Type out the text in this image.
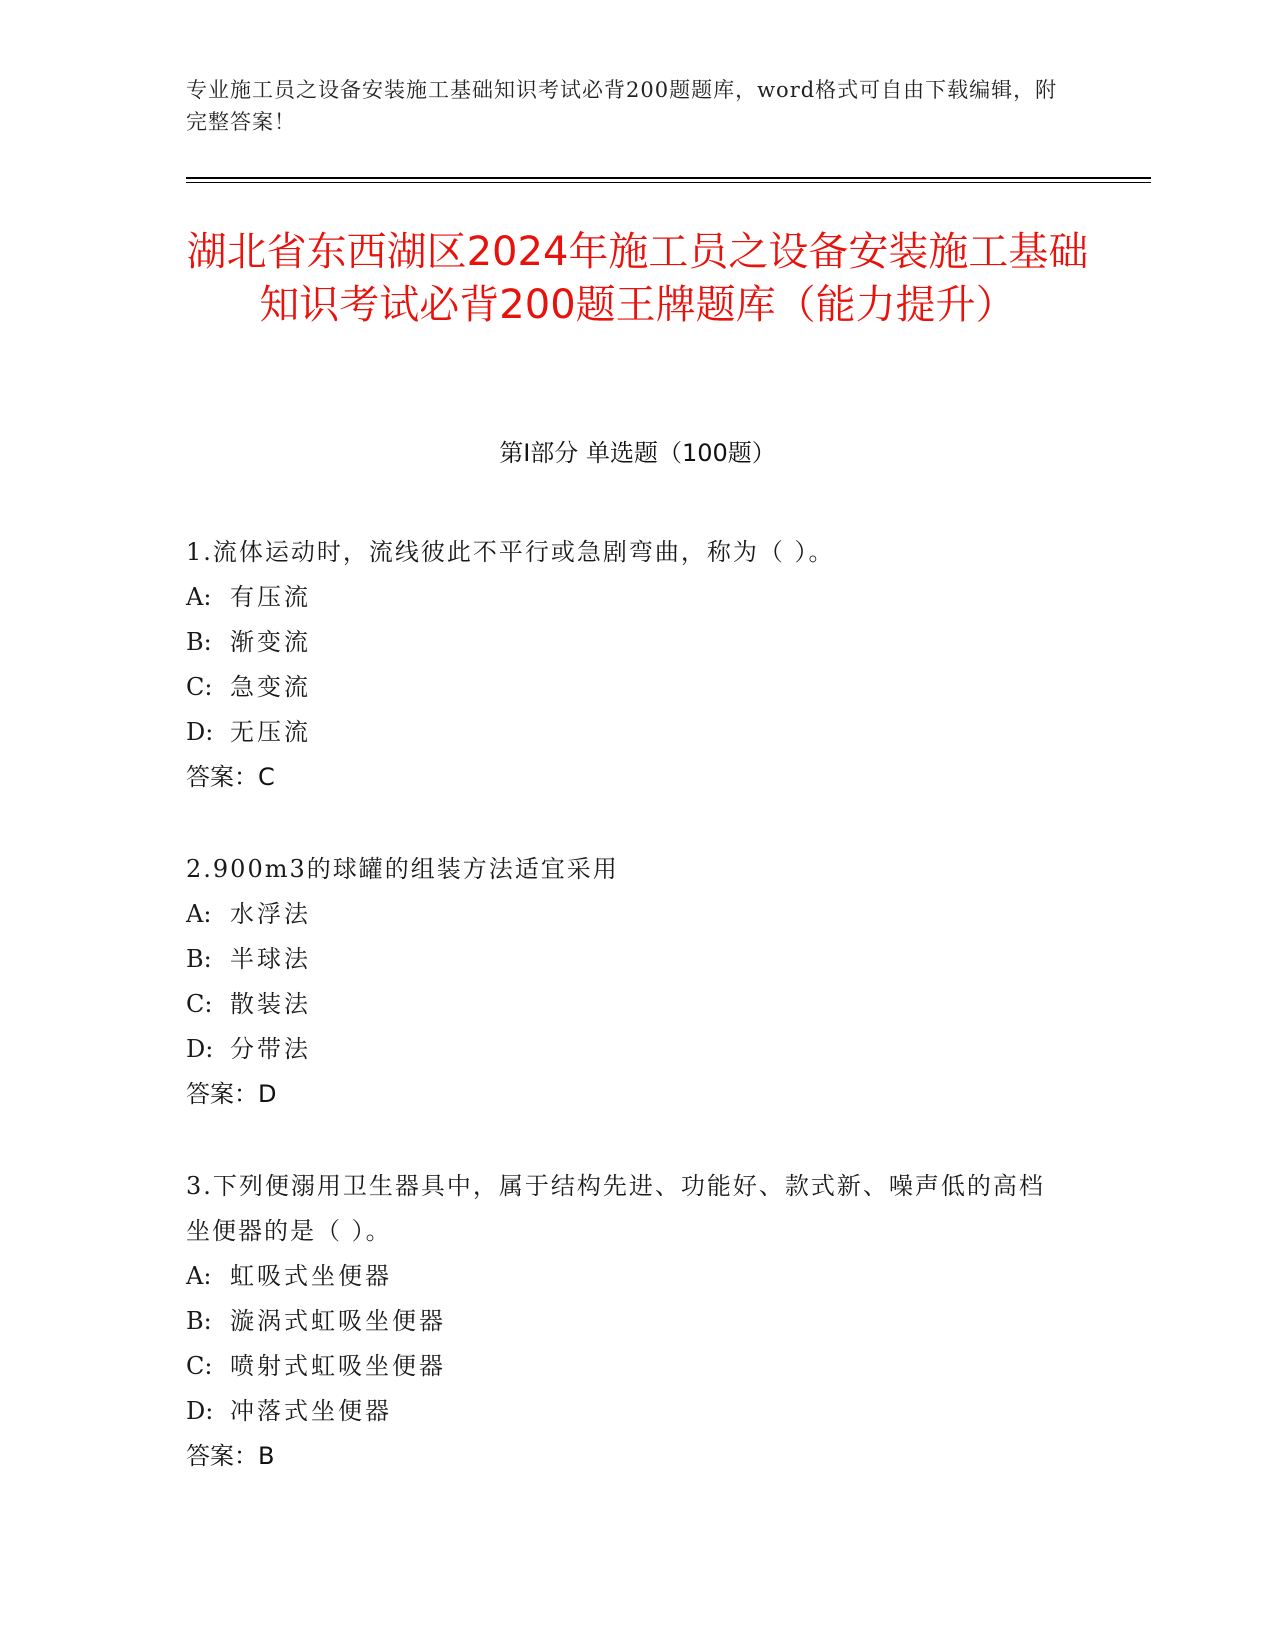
专业施工员之设备安装施工基础知识考试必背200题题库，word格式可自由下载编辑，附完整答案！
湖北省东西湖区2024年施工员之设备安装施工基础知识考试必背200题王牌题库（能力提升）
第Ⅰ部分 单选题（100题）
1.流体运动时，流线彼此不平行或急剧弯曲，称为（ ）。
A: 有压流
B: 渐变流
C: 急变流
D: 无压流
答案：C
2.900m3的球罐的组装方法适宜采用
A: 水浮法
B: 半球法
C: 散装法
D: 分带法
答案：D
3.下列便溺用卫生器具中，属于结构先进、功能好、款式新、噪声低的高档坐便器的是（ ）。
A: 虹吸式坐便器
B: 漩涡式虹吸坐便器
C: 喷射式虹吸坐便器
D: 冲落式坐便器
答案：B
